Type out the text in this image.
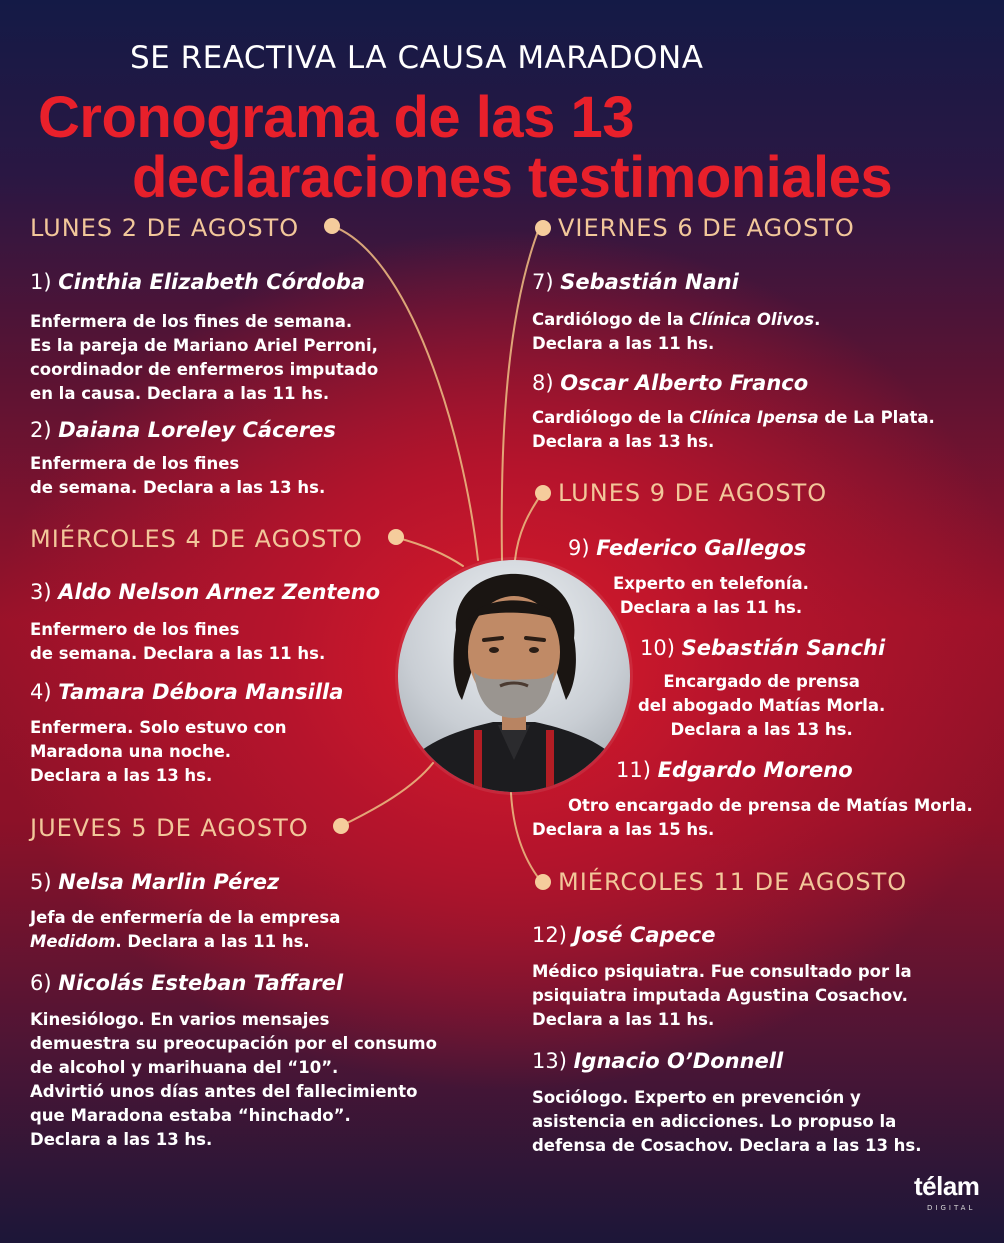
SE REACTIVA LA CAUSA MARADONA
Cronograma de las 13
declaraciones testimoniales
LUNES 2 DE AGOSTO

1) Cinthia Elizabeth Córdoba

Enfermera de los fines de semana.
Es la pareja de Mariano Ariel Perroni,
coordinador de enfermeros imputado
en la causa. Declara a las 11 hs.

2) Daiana Loreley Cáceres

Enfermera de los fines
de semana. Declara a las 13 hs.

MIÉRCOLES 4 DE AGOSTO

3) Aldo Nelson Arnez Zenteno

Enfermero de los fines
de semana. Declara a las 11 hs.

4) Tamara Débora Mansilla

Enfermera. Solo estuvo con
Maradona una noche.
Declara a las 13 hs.

JUEVES 5 DE AGOSTO

5) Nelsa Marlin Pérez

Jefa de enfermería de la empresa
Medidom. Declara a las 11 hs.

6) Nicolás Esteban Taffarel

Kinesiólogo. En varios mensajes
demuestra su preocupación por el consumo
de alcohol y marihuana del “10”.
Advirtió unos días antes del fallecimiento
que Maradona estaba “hinchado”.
Declara a las 13 hs.

VIERNES 6 DE AGOSTO

7) Sebastián Nani

Cardiólogo de la Clínica Olivos.
Declara a las 11 hs.

8) Oscar Alberto Franco

Cardiólogo de la Clínica Ipensa de La Plata.
Declara a las 13 hs.

LUNES 9 DE AGOSTO

9) Federico Gallegos

Experto en telefonía.
Declara a las 11 hs.

10) Sebastián Sanchi

Encargado de prensa
del abogado Matías Morla.
Declara a las 13 hs.

11) Edgardo Moreno

Otro encargado de prensa de Matías Morla.
Declara a las 15 hs.

MIÉRCOLES 11 DE AGOSTO

12) José Capece

Médico psiquiatra. Fue consultado por la
psiquiatra imputada Agustina Cosachov.
Declara a las 11 hs.

13) Ignacio O’Donnell

Sociólogo. Experto en prevención y
asistencia en adicciones. Lo propuso la
defensa de Cosachov. Declara a las 13 hs.

télam
DIGITAL
